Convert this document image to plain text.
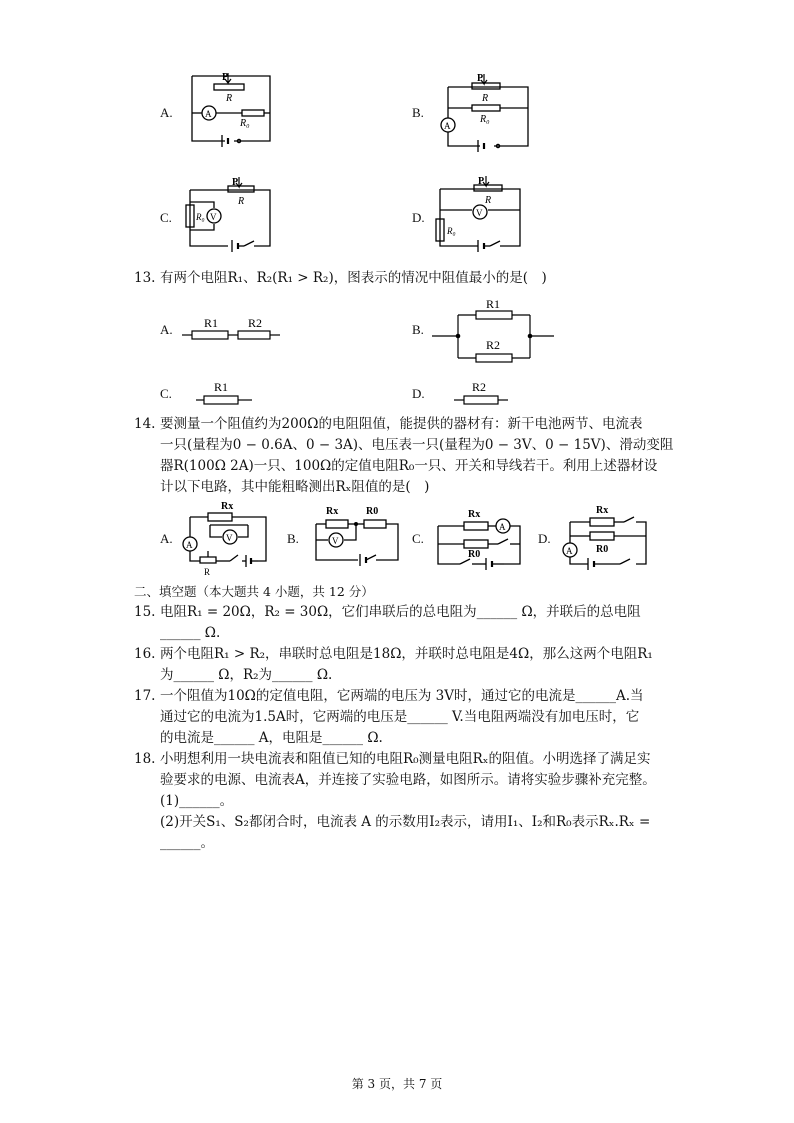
A.
P
R
R₀
A	B.
P
R
R₀
A
C.
P
R
R₀ V	D.
P
R
R₀
V
13. 有两个电阻R₁、R₂(R₁ > R₂)，图表示的情况中阻值最小的是(　)
A.	R1 R2	B.
R1
R2
C.	R1	D.	R2
14. 要测量一个阻值约为200Ω的电阻阻值，能提供的器材有：新干电池两节、电流表
一只(量程为0 − 0.6A、0 − 3A)、电压表一只(量程为0 − 3V、0 − 15V)、滑动变阻
器R(100Ω 2A)一只、100Ω的定值电阻R₀一只、开关和导线若干。利用上述器材设
计以下电路，其中能粗略测出Rₓ阻值的是(　)
A.
Rx
A
V
R
B.
Rx	R0
V	C.
Rx
A
R0
D.
Rx
A R0
二、填空题（本大题共 4 小题，共 12 分）
15. 电阻R₁ = 20Ω，R₂ = 30Ω，它们串联后的总电阻为______ Ω，并联后的总电阻
______ Ω.
16. 两个电阻R₁ > R₂，串联时总电阻是18Ω，并联时总电阻是4Ω，那么这两个电阻R₁
为______ Ω，R₂为______ Ω.
17. 一个阻值为10Ω的定值电阻，它两端的电压为 3V时，通过它的电流是______A.当
通过它的电流为1.5A时，它两端的电压是______ V.当电阻两端没有加电压时，它
的电流是______ A，电阻是______ Ω.
18. 小明想利用一块电流表和阻值已知的电阻R₀测量电阻Rₓ的阻值。小明选择了满足实
验要求的电源、电流表A，并连接了实验电路，如图所示。请将实验步骤补充完整。
(1)______。
(2)开关S₁、S₂都闭合时，电流表 A 的示数用I₂表示，请用I₁、I₂和R₀表示Rₓ.Rₓ =
______。
第 3 页，共 7 页
